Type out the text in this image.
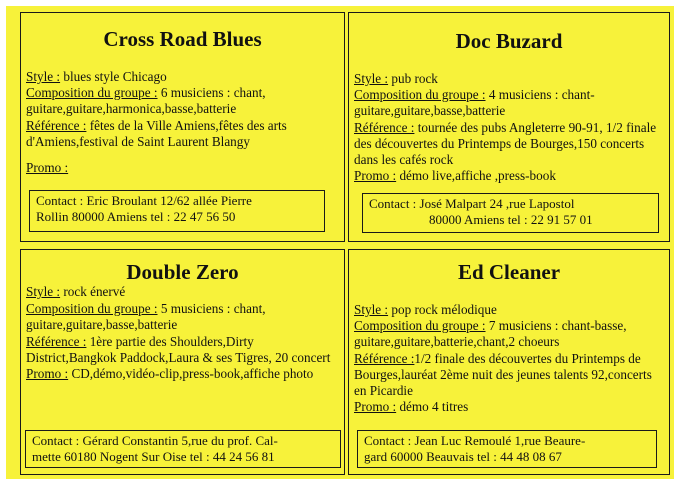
Cross Road Blues
Style : blues style Chicago
Composition du groupe : 6 musiciens : chant, guitare,guitare,harmonica,basse,batterie
Référence : fêtes de la Ville Amiens,fêtes des arts d'Amiens,festival de Saint Laurent Blangy
Promo :
Contact : Eric Broulant 12/62 allée Pierre
Rollin 80000 Amiens tel : 22 47 56 50
Doc Buzard
Style : pub rock
Composition du groupe : 4 musiciens : chant-guitare,guitare,basse,batterie
Référence : tournée des pubs Angleterre 90-91, 1/2 finale des découvertes du Printemps de Bourges,150 concerts dans les cafés rock
Promo : démo live,affiche ,press-book
Contact : José Malpart 24 ,rue Lapostol
80000 Amiens tel : 22 91 57 01
Double Zero
Style : rock énervé
Composition du groupe : 5 musiciens : chant, guitare,guitare,basse,batterie
Référence : 1ère partie des Shoulders,Dirty District,Bangkok Paddock,Laura & ses Tigres, 20 concert
Promo : CD,démo,vidéo-clip,press-book,affiche photo
Contact : Gérard Constantin 5,rue du prof. Cal-
mette 60180 Nogent Sur Oise tel : 44 24 56 81
Ed Cleaner
Style : pop rock mélodique
Composition du groupe : 7 musiciens : chant-basse, guitare,guitare,batterie,chant,2 choeurs
Référence :1/2 finale des découvertes du Printemps de Bourges,lauréat 2ème nuit des jeunes talents 92,concerts en Picardie
Promo : démo 4 titres
Contact : Jean Luc Remoulé 1,rue Beaure-
gard 60000 Beauvais tel : 44 48 08 67
